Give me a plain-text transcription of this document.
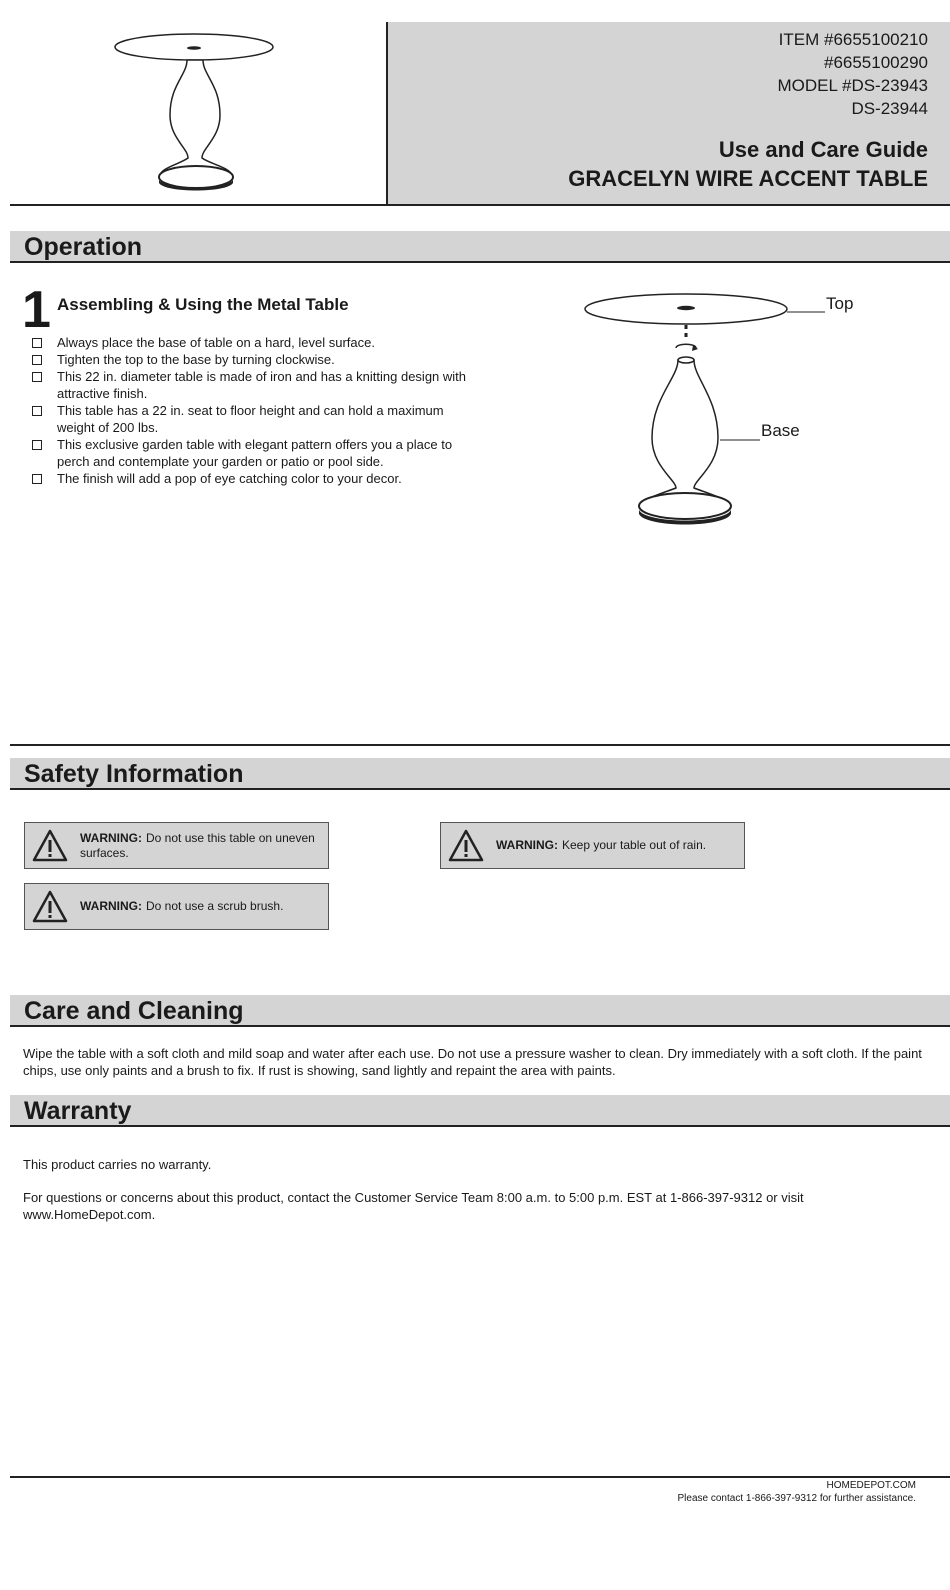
ITEM #6655100210
#6655100290
MODEL #DS-23943
DS-23944
Use and Care Guide
GRACELYN WIRE ACCENT TABLE
Operation
1 Assembling & Using the Metal Table
Always place the base of table on a hard, level surface.
Tighten the top to the base by turning clockwise.
This 22 in. diameter table is made of iron and has a knitting design with attractive finish.
This table has a 22 in. seat to floor height and can hold a maximum weight of 200 lbs.
This exclusive garden table with elegant pattern offers you a place to perch and contemplate your garden or patio or pool side.
The finish will add a pop of eye catching color to your decor.
Top
Base
Safety Information
WARNING: Do not use this table on uneven surfaces.
WARNING: Keep your table out of rain.
WARNING: Do not use a scrub brush.
Care and Cleaning
Wipe the table with a soft cloth and mild soap and water after each use. Do not use a pressure washer to clean. Dry immediately with a soft cloth. If the paint chips, use only paints and a brush to fix. If rust is showing, sand lightly and repaint the area with paints.
Warranty
This product carries no warranty.
For questions or concerns about this product, contact the Customer Service Team 8:00 a.m. to 5:00 p.m. EST at 1-866-397-9312 or visit www.HomeDepot.com.
HOMEDEPOT.COM
Please contact 1-866-397-9312 for further assistance.
